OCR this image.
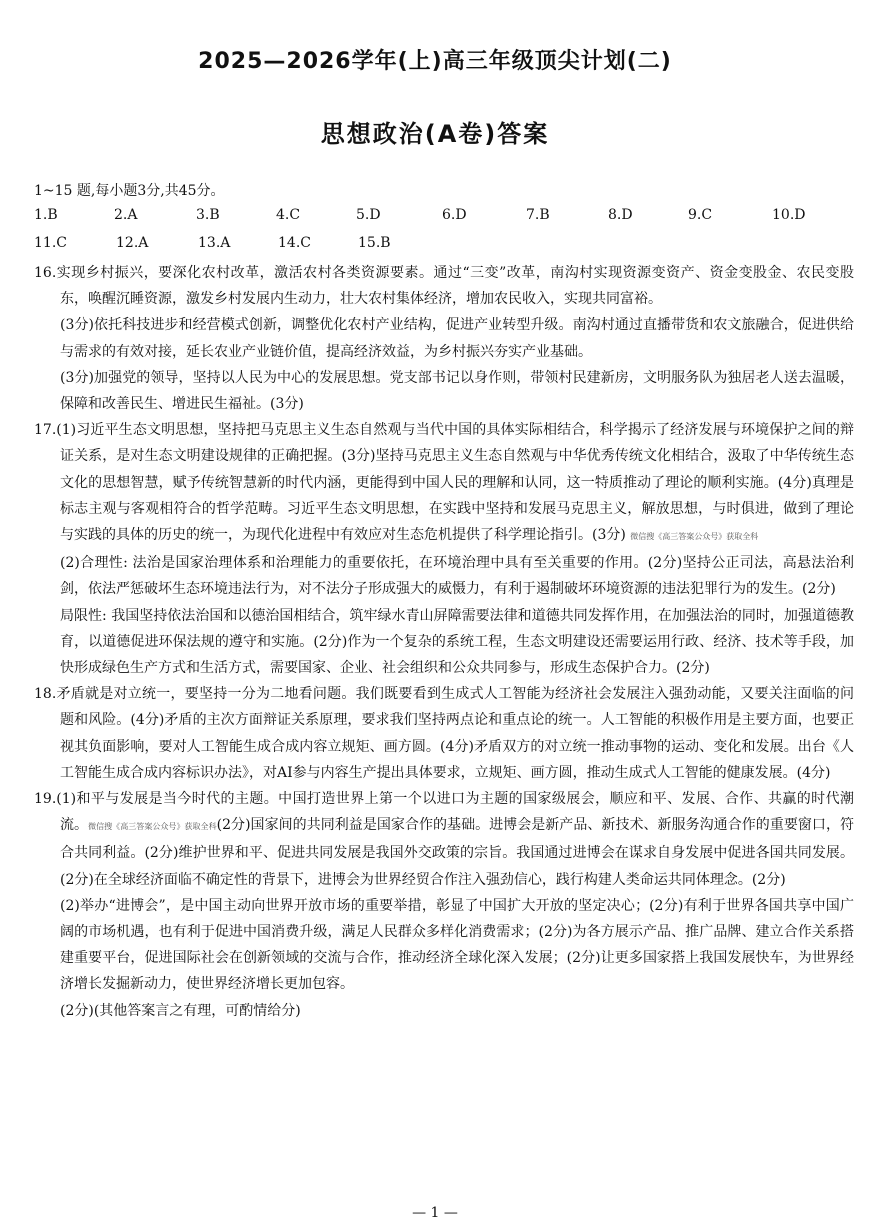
2025—2026学年(上)高三年级顶尖计划(二)
思想政治(A卷)答案
1~15 题,每小题3分,共45分。
1.B	2.A	3.B	4.C	5.D	6.D	7.B	8.D	9.C	10.D
11.C	12.A	13.A	14.C	15.B

16.实现乡村振兴，要深化农村改革，激活农村各类资源要素。通过“三变”改革，南沟村实现资源变资产、资金变股金、农民变股东，唤醒沉睡资源，激发乡村发展内生动力，壮大农村集体经济，增加农民收入，实现共同富裕。

(3分)依托科技进步和经营模式创新，调整优化农村产业结构，促进产业转型升级。南沟村通过直播带货和农文旅融合，促进供给与需求的有效对接，延长农业产业链价值，提高经济效益，为乡村振兴夯实产业基础。

(3分)加强党的领导，坚持以人民为中心的发展思想。党支部书记以身作则，带领村民建新房，文明服务队为独居老人送去温暖，保障和改善民生、增进民生福祉。(3分)

17.(1)习近平生态文明思想，坚持把马克思主义生态自然观与当代中国的具体实际相结合，科学揭示了经济发展与环境保护之间的辩证关系，是对生态文明建设规律的正确把握。(3分)坚持马克思主义生态自然观与中华优秀传统文化相结合，汲取了中华传统生态文化的思想智慧，赋予传统智慧新的时代内涵，更能得到中国人民的理解和认同，这一特质推动了理论的顺利实施。(4分)真理是标志主观与客观相符合的哲学范畴。习近平生态文明思想，在实践中坚持和发展马克思主义，解放思想，与时俱进，做到了理论与实践的具体的历史的统一，为现代化进程中有效应对生态危机提供了科学理论指引。(3分) 微信搜《高三答案公众号》获取全科

(2)合理性: 法治是国家治理体系和治理能力的重要依托，在环境治理中具有至关重要的作用。(2分)坚持公正司法，高悬法治利剑，依法严惩破坏生态环境违法行为，对不法分子形成强大的威慑力，有利于遏制破坏环境资源的违法犯罪行为的发生。(2分)

局限性: 我国坚持依法治国和以德治国相结合，筑牢绿水青山屏障需要法律和道德共同发挥作用，在加强法治的同时，加强道德教育，以道德促进环保法规的遵守和实施。(2分)作为一个复杂的系统工程，生态文明建设还需要运用行政、经济、技术等手段，加快形成绿色生产方式和生活方式，需要国家、企业、社会组织和公众共同参与，形成生态保护合力。(2分)

18.矛盾就是对立统一，要坚持一分为二地看问题。我们既要看到生成式人工智能为经济社会发展注入强劲动能，又要关注面临的问题和风险。(4分)矛盾的主次方面辩证关系原理，要求我们坚持两点论和重点论的统一。人工智能的积极作用是主要方面，也要正视其负面影响，要对人工智能生成合成内容立规矩、画方圆。(4分)矛盾双方的对立统一推动事物的运动、变化和发展。出台《人工智能生成合成内容标识办法》，对AI参与内容生产提出具体要求，立规矩、画方圆，推动生成式人工智能的健康发展。(4分)

19.(1)和平与发展是当今时代的主题。中国打造世界上第一个以进口为主题的国家级展会，顺应和平、发展、合作、共赢的时代潮流。微信搜《高三答案公众号》获取全科(2分)国家间的共同利益是国家合作的基础。进博会是新产品、新技术、新服务沟通合作的重要窗口，符合共同利益。(2分)维护世界和平、促进共同发展是我国外交政策的宗旨。我国通过进博会在谋求自身发展中促进各国共同发展。(2分)在全球经济面临不确定性的背景下，进博会为世界经贸合作注入强劲信心，践行构建人类命运共同体理念。(2分)

(2)举办“进博会”，是中国主动向世界开放市场的重要举措，彰显了中国扩大开放的坚定决心；(2分)有利于世界各国共享中国广阔的市场机遇，也有利于促进中国消费升级，满足人民群众多样化消费需求；(2分)为各方展示产品、推广品牌、建立合作关系搭建重要平台，促进国际社会在创新领域的交流与合作，推动经济全球化深入发展；(2分)让更多国家搭上我国发展快车，为世界经济增长发掘新动力，使世界经济增长更加包容。

(2分)(其他答案言之有理，可酌情给分)

— 1 —
